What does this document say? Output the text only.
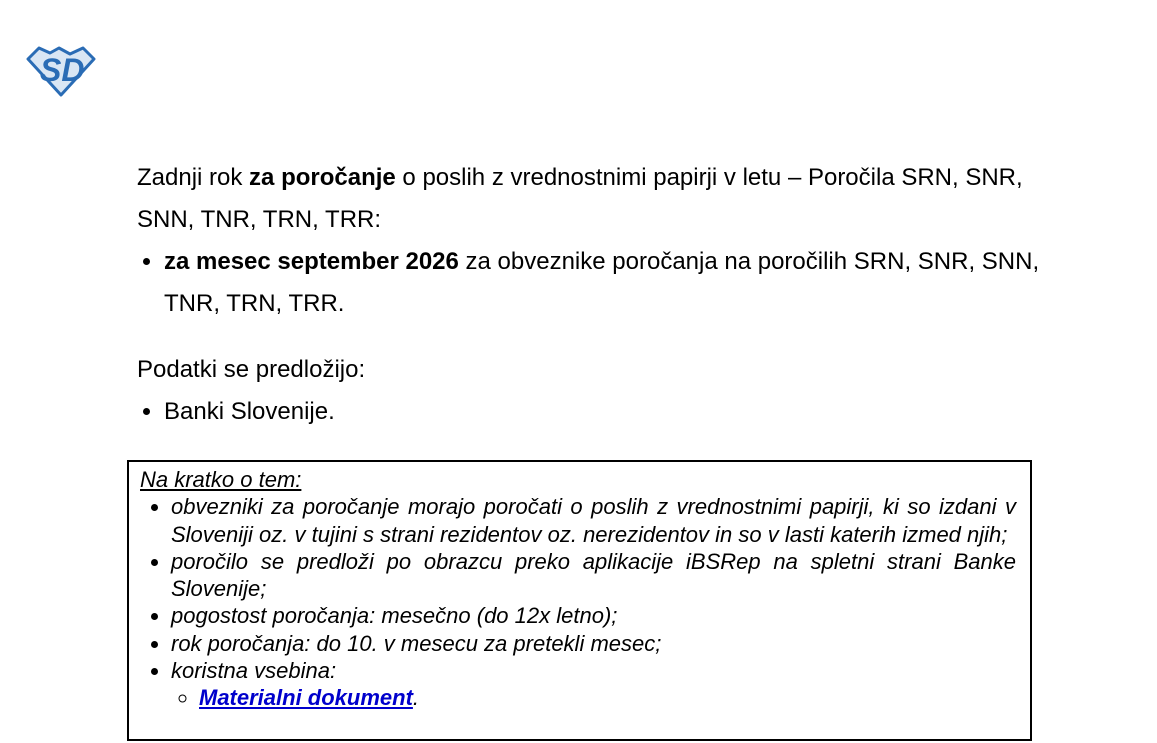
SD

Zadnji rok za poročanje o poslih z vrednostnimi papirji v letu – Poročila SRN, SNR, SNN, TNR, TRN, TRR:

• za mesec september 2026 za obveznike poročanja na poročilih SRN, SNR, SNN, TNR, TRN, TRR.

Podatki se predložijo:

• Banki Slovenije.
Na kratko o tem:
• obvezniki za poročanje morajo poročati o poslih z vrednostnimi papirji, ki so izdani v Sloveniji oz. v tujini s strani rezidentov oz. nerezidentov in so v lasti katerih izmed njih;
• poročilo se predloži po obrazcu preko aplikacije iBSRep na spletni strani Banke Slovenije;
• pogostost poročanja: mesečno (do 12x letno);
• rok poročanja: do 10. v mesecu za pretekli mesec;
• koristna vsebina:
◦ Materialni dokument.
